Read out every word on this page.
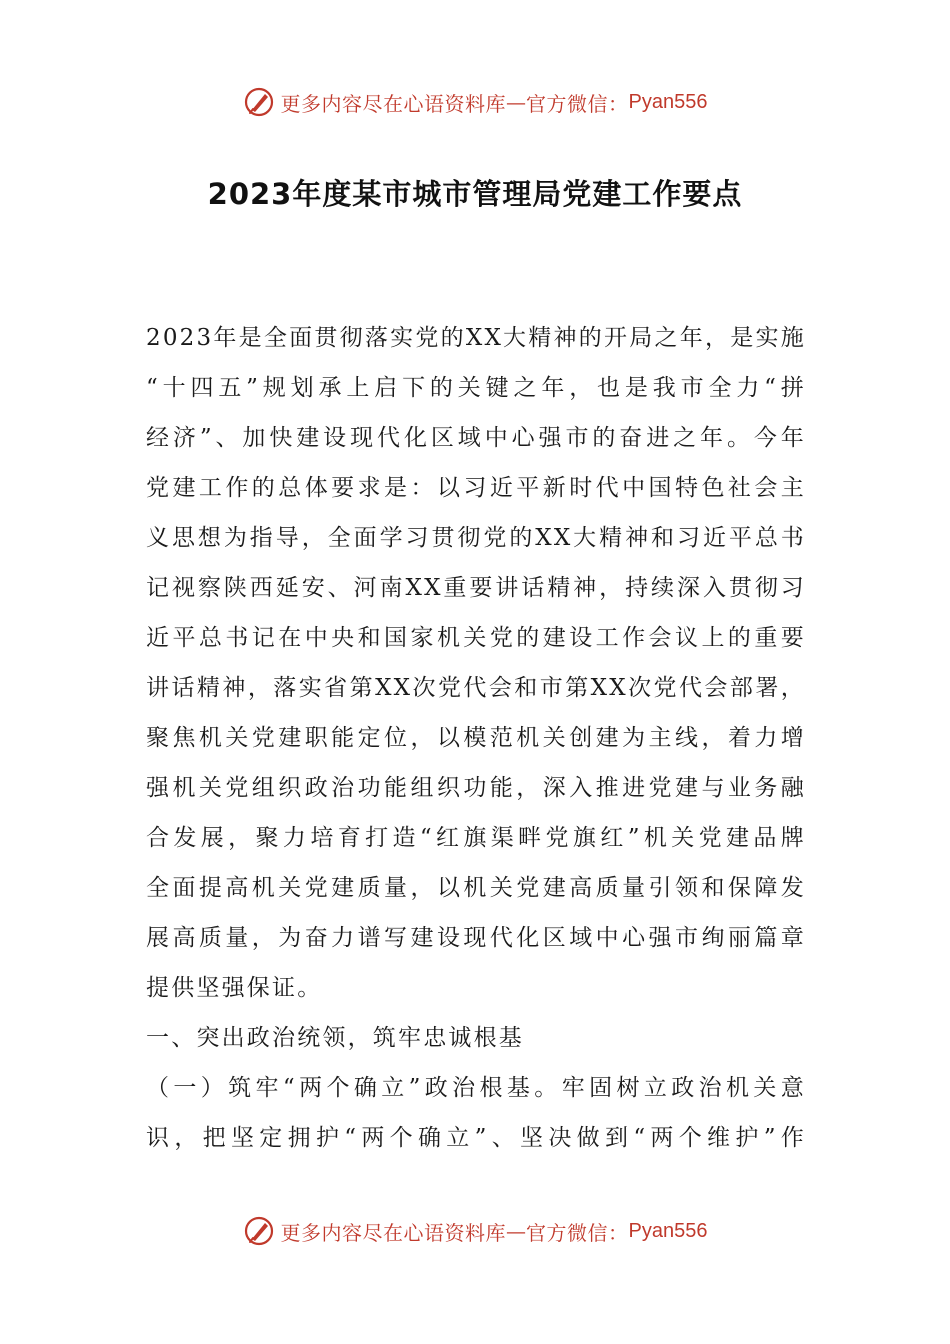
更多内容尽在心语资料库 — 官方微信： Pyan556
2023年度某市城市管理局党建工作要点
2023年是全面贯彻落实党的XX大精神的开局之年，是实施
“十四五”规划承上启下的关键之年，也是我市全力“拼
经济”、加快建设现代化区域中心强市的奋进之年。今年
党建工作的总体要求是：以习近平新时代中国特色社会主
义思想为指导，全面学习贯彻党的XX大精神和习近平总书
记视察陕西延安、河南XX重要讲话精神，持续深入贯彻习
近平总书记在中央和国家机关党的建设工作会议上的重要
讲话精神，落实省第XX次党代会和市第XX次党代会部署，
聚焦机关党建职能定位，以模范机关创建为主线，着力增
强机关党组织政治功能组织功能，深入推进党建与业务融
合发展，聚力培育打造“红旗渠畔党旗红”机关党建品牌
全面提高机关党建质量，以机关党建高质量引领和保障发
展高质量，为奋力谱写建设现代化区域中心强市绚丽篇章
提供坚强保证。
一、突出政治统领，筑牢忠诚根基
（一）筑牢“两个确立”政治根基。牢固树立政治机关意
识，把坚定拥护“两个确立”、坚决做到“两个维护”作
更多内容尽在心语资料库 — 官方微信： Pyan556
